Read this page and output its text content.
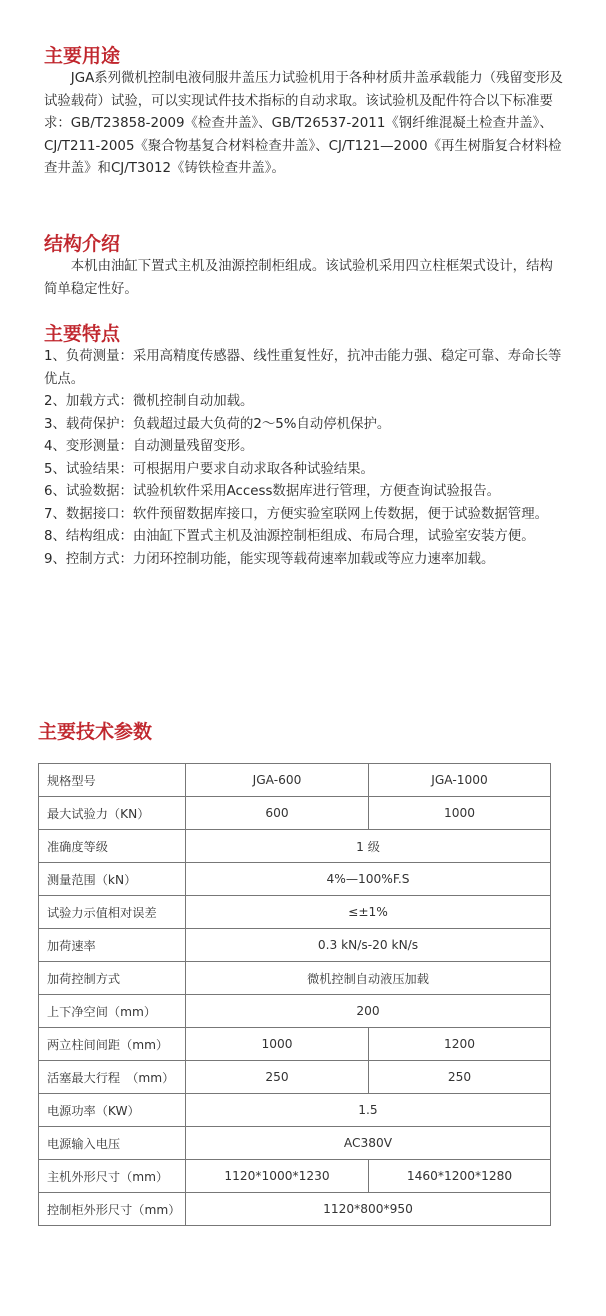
主要用途

JGA系列微机控制电液伺服井盖压力试验机用于各种材质井盖承载能力（残留变形及试验载荷）试验，可以实现试件技术指标的自动求取。该试验机及配件符合以下标准要求：GB/T23858-2009《检查井盖》、GB/T26537-2011《钢纤维混凝土检查井盖》、CJ/T211-2005《聚合物基复合材料检查井盖》、CJ/T121—2000《再生树脂复合材料检查井盖》和CJ/T3012《铸铁检查井盖》。

结构介绍

本机由油缸下置式主机及油源控制柜组成。该试验机采用四立柱框架式设计，结构简单稳定性好。

主要特点

1、负荷测量：采用高精度传感器、线性重复性好，抗冲击能力强、稳定可靠、寿命长等优点。

2、加载方式：微机控制自动加载。

3、载荷保护：负载超过最大负荷的2～5%自动停机保护。

4、变形测量：自动测量残留变形。

5、试验结果：可根据用户要求自动求取各种试验结果。

6、试验数据：试验机软件采用Access数据库进行管理，方便查询试验报告。

7、数据接口：软件预留数据库接口，方便实验室联网上传数据，便于试验数据管理。

8、结构组成：由油缸下置式主机及油源控制柜组成、布局合理，试验室安装方便。

9、控制方式：力闭环控制功能，能实现等载荷速率加载或等应力速率加载。

主要技术参数

规格型号	JGA-600	JGA-1000
最大试验力（KN）	600	1000
准确度等级	1 级	
测量范围（kN）	4%—100%F.S	
试验力示值相对误差	≤±1%	
加荷速率	0.3 kN/s-20 kN/s	
加荷控制方式	微机控制自动液压加载	
上下净空间（mm）	200	
两立柱间间距（mm）	1000	1200
活塞最大行程　（mm）	250	250
电源功率（KW）	1.5	
电源输入电压	AC380V	
主机外形尺寸（mm）	1120*1000*1230	1460*1200*1280
控制柜外形尺寸（mm）	1120*800*950	
